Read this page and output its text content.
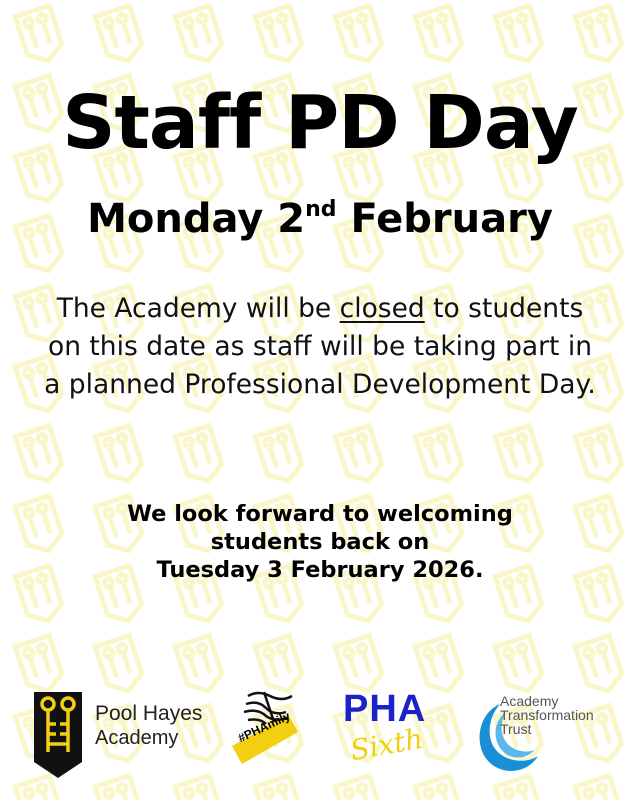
Staff PD Day
Monday 2nd February
The Academy will be closed to students on this date as staff will be taking part in a planned Professional Development Day.
We look forward to welcoming
students back on
Tuesday 3 February 2026.
Pool Hayes
Academy	#PHAmily PHA
Sixth
Academy
Transformation
Trust
